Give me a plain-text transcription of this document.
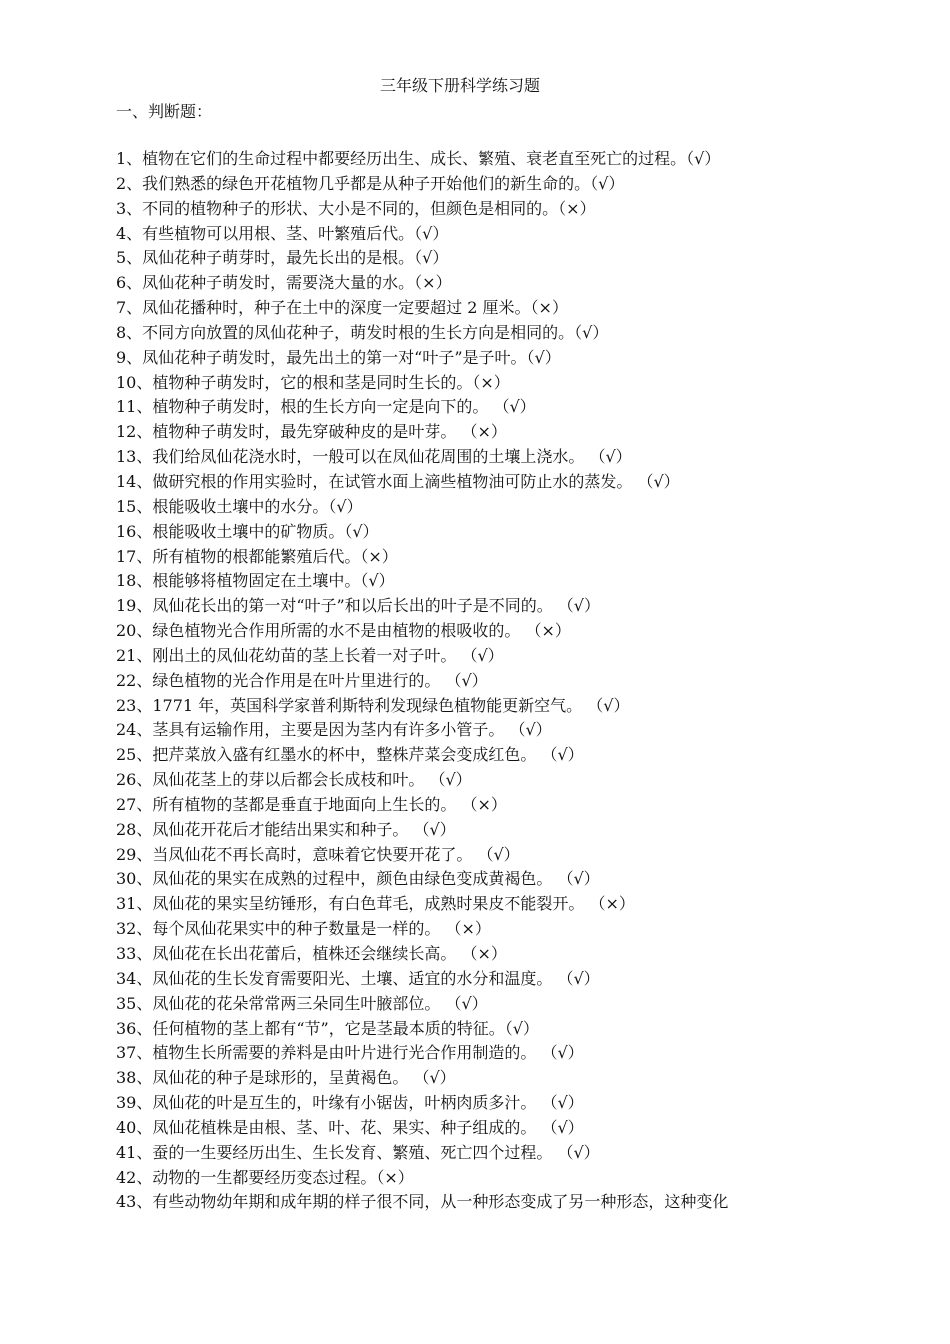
三年级下册科学练习题
一、判断题：
1、植物在它们的生命过程中都要经历出生、成长、繁殖、衰老直至死亡的过程。（√）
2、我们熟悉的绿色开花植物几乎都是从种子开始他们的新生命的。（√）
3、不同的植物种子的形状、大小是不同的，但颜色是相同的。（×）
4、有些植物可以用根、茎、叶繁殖后代。（√）
5、凤仙花种子萌芽时，最先长出的是根。（√）
6、凤仙花种子萌发时，需要浇大量的水。（×）
7、凤仙花播种时，种子在土中的深度一定要超过 2 厘米。（×）
8、不同方向放置的凤仙花种子，萌发时根的生长方向是相同的。（√）
9、凤仙花种子萌发时，最先出土的第一对“叶子”是子叶。（√）
10、植物种子萌发时，它的根和茎是同时生长的。（×）
11、植物种子萌发时，根的生长方向一定是向下的。 （√）
12、植物种子萌发时，最先穿破种皮的是叶芽。 （×）
13、我们给凤仙花浇水时，一般可以在凤仙花周围的土壤上浇水。 （√）
14、做研究根的作用实验时，在试管水面上滴些植物油可防止水的蒸发。 （√）
15、根能吸收土壤中的水分。（√）
16、根能吸收土壤中的矿物质。（√）
17、所有植物的根都能繁殖后代。（×）
18、根能够将植物固定在土壤中。（√）
19、凤仙花长出的第一对“叶子”和以后长出的叶子是不同的。 （√）
20、绿色植物光合作用所需的水不是由植物的根吸收的。 （×）
21、刚出土的凤仙花幼苗的茎上长着一对子叶。 （√）
22、绿色植物的光合作用是在叶片里进行的。 （√）
23、1771 年，英国科学家普利斯特利发现绿色植物能更新空气。 （√）
24、茎具有运输作用，主要是因为茎内有许多小管子。 （√）
25、把芹菜放入盛有红墨水的杯中，整株芹菜会变成红色。 （√）
26、凤仙花茎上的芽以后都会长成枝和叶。 （√）
27、所有植物的茎都是垂直于地面向上生长的。 （×）
28、凤仙花开花后才能结出果实和种子。 （√）
29、当凤仙花不再长高时，意味着它快要开花了。 （√）
30、凤仙花的果实在成熟的过程中，颜色由绿色变成黄褐色。 （√）
31、凤仙花的果实呈纺锤形，有白色茸毛，成熟时果皮不能裂开。 （×）
32、每个凤仙花果实中的种子数量是一样的。 （×）
33、凤仙花在长出花蕾后，植株还会继续长高。 （×）
34、凤仙花的生长发育需要阳光、土壤、适宜的水分和温度。 （√）
35、凤仙花的花朵常常两三朵同生叶腋部位。 （√）
36、任何植物的茎上都有“节”，它是茎最本质的特征。（√）
37、植物生长所需要的养料是由叶片进行光合作用制造的。 （√）
38、凤仙花的种子是球形的，呈黄褐色。 （√）
39、凤仙花的叶是互生的，叶缘有小锯齿，叶柄肉质多汁。 （√）
40、凤仙花植株是由根、茎、叶、花、果实、种子组成的。 （√）
41、蚕的一生要经历出生、生长发育、繁殖、死亡四个过程。 （√）
42、动物的一生都要经历变态过程。（×）
43、有些动物幼年期和成年期的样子很不同，从一种形态变成了另一种形态，这种变化
